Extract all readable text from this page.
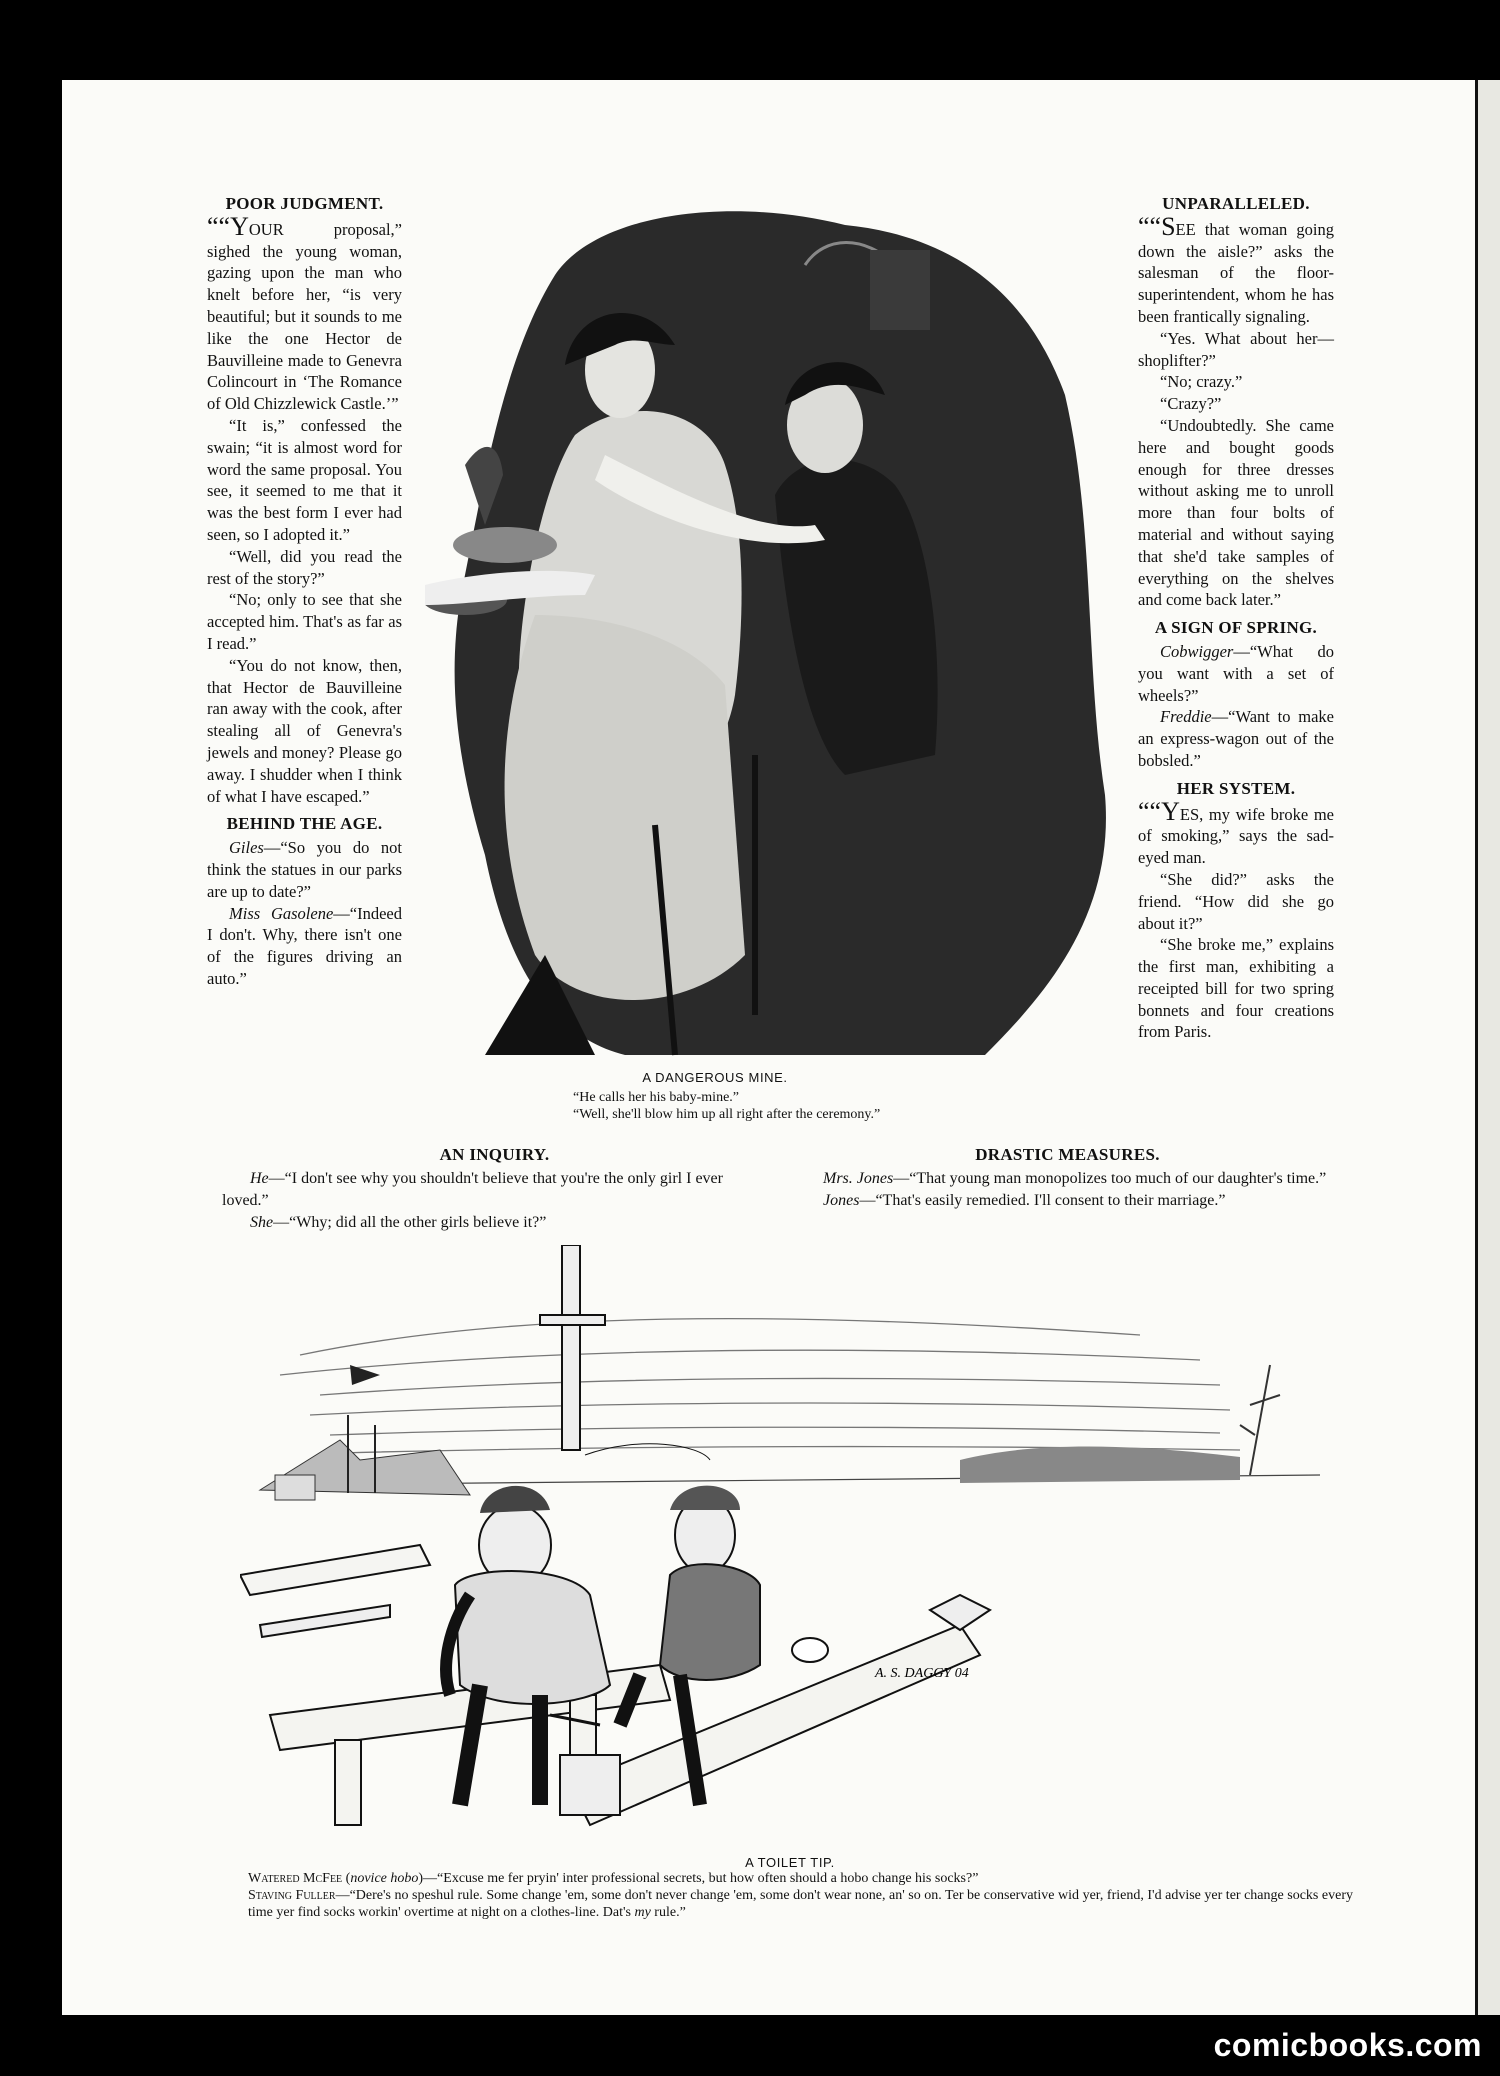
POOR JUDGMENT.

““YOUR proposal,” sighed the young woman, gazing upon the man who knelt before her, “is very beautiful; but it sounds to me like the one Hector de Bauvilleine made to Genevra Colincourt in ‘The Romance of Old Chizzlewick Castle.’”

“It is,” confessed the swain; “it is almost word for word the same proposal. You see, it seemed to me that it was the best form I ever had seen, so I adopted it.”

“Well, did you read the rest of the story?”

“No; only to see that she accepted him. That's as far as I read.”

“You do not know, then, that Hector de Bauvilleine ran away with the cook, after stealing all of Genevra's jewels and money? Please go away. I shudder when I think of what I have escaped.”

BEHIND THE AGE.

Giles—“So you do not think the statues in our parks are up to date?”

Miss Gasolene—“Indeed I don't. Why, there isn't one of the figures driving an auto.”

UNPARALLELED.

““SEE that woman going down the aisle?” asks the salesman of the floor-superintendent, whom he has been frantically signaling.

“Yes. What about her—shoplifter?”

“No; crazy.”

“Crazy?”

“Undoubtedly. She came here and bought goods enough for three dresses without asking me to unroll more than four bolts of material and without saying that she'd take samples of everything on the shelves and come back later.”

A SIGN OF SPRING.

Cobwigger—“What do you want with a set of wheels?”

Freddie—“Want to make an express-wagon out of the bobsled.”

HER SYSTEM.

““YES, my wife broke me of smoking,” says the sad-eyed man.

“She did?” asks the friend. “How did she go about it?”

“She broke me,” explains the first man, exhibiting a receipted bill for two spring bonnets and four creations from Paris.

A DANGEROUS MINE.
“He calls her his baby-mine.”
“Well, she'll blow him up all right after the ceremony.”
AN INQUIRY.

He—“I don't see why you shouldn't believe that you're the only girl I ever loved.”

She—“Why; did all the other girls believe it?”

DRASTIC MEASURES.

Mrs. Jones—“That young man monopolizes too much of our daughter's time.”

Jones—“That's easily remedied. I'll consent to their marriage.”

A. S. DAGGY 04
A TOILET TIP.

Watered McFee (novice hobo)—“Excuse me fer pryin' inter professional secrets, but how often should a hobo change his socks?”

Staving Fuller—“Dere's no speshul rule. Some change 'em, some don't never change 'em, some don't wear none, an' so on. Ter be conservative wid yer, friend, I'd advise yer ter change socks every time yer find socks workin' overtime at night on a clothes-line. Dat's my rule.”

comicbooks.com
